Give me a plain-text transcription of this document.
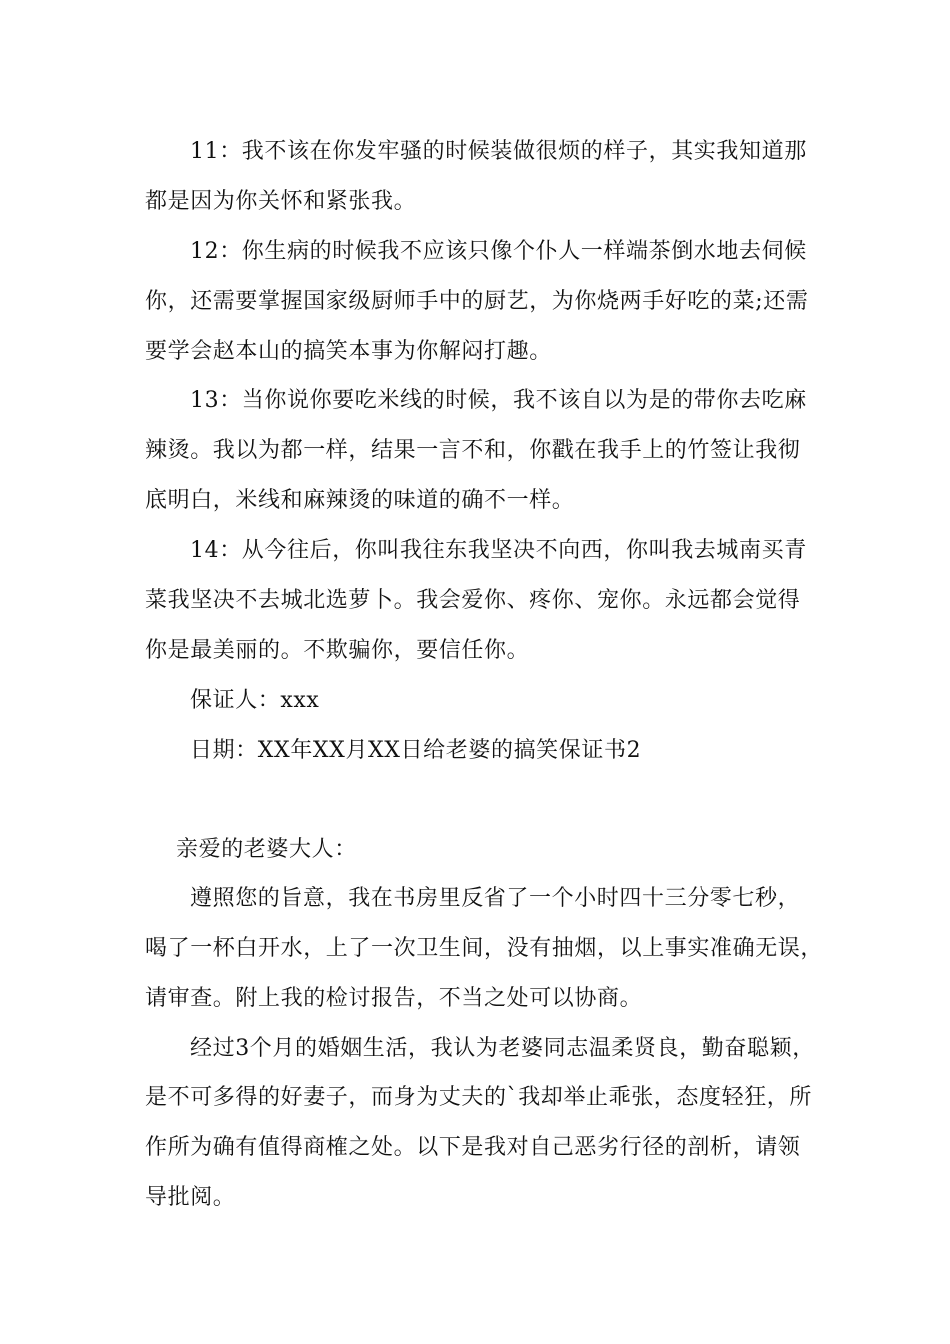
11：我不该在你发牢骚的时候装做很烦的样子，其实我知道那
都是因为你关怀和紧张我。
12：你生病的时候我不应该只像个仆人一样端茶倒水地去伺候
你，还需要掌握国家级厨师手中的厨艺，为你烧两手好吃的菜;还需
要学会赵本山的搞笑本事为你解闷打趣。
13：当你说你要吃米线的时候，我不该自以为是的带你去吃麻
辣烫。我以为都一样，结果一言不和，你戳在我手上的竹签让我彻
底明白，米线和麻辣烫的味道的确不一样。
14：从今往后，你叫我往东我坚决不向西，你叫我去城南买青
菜我坚决不去城北选萝卜。我会爱你、疼你、宠你。永远都会觉得
你是最美丽的。不欺骗你，要信任你。
保证人：xxx
日期：XX年XX月XX日给老婆的搞笑保证书2
亲爱的老婆大人：
遵照您的旨意，我在书房里反省了一个小时四十三分零七秒，
喝了一杯白开水，上了一次卫生间，没有抽烟，以上事实准确无误，
请审查。附上我的检讨报告，不当之处可以协商。
经过3个月的婚姻生活，我认为老婆同志温柔贤良，勤奋聪颖，
是不可多得的好妻子，而身为丈夫的`我却举止乖张，态度轻狂，所
作所为确有值得商榷之处。以下是我对自己恶劣行径的剖析，请领
导批阅。
